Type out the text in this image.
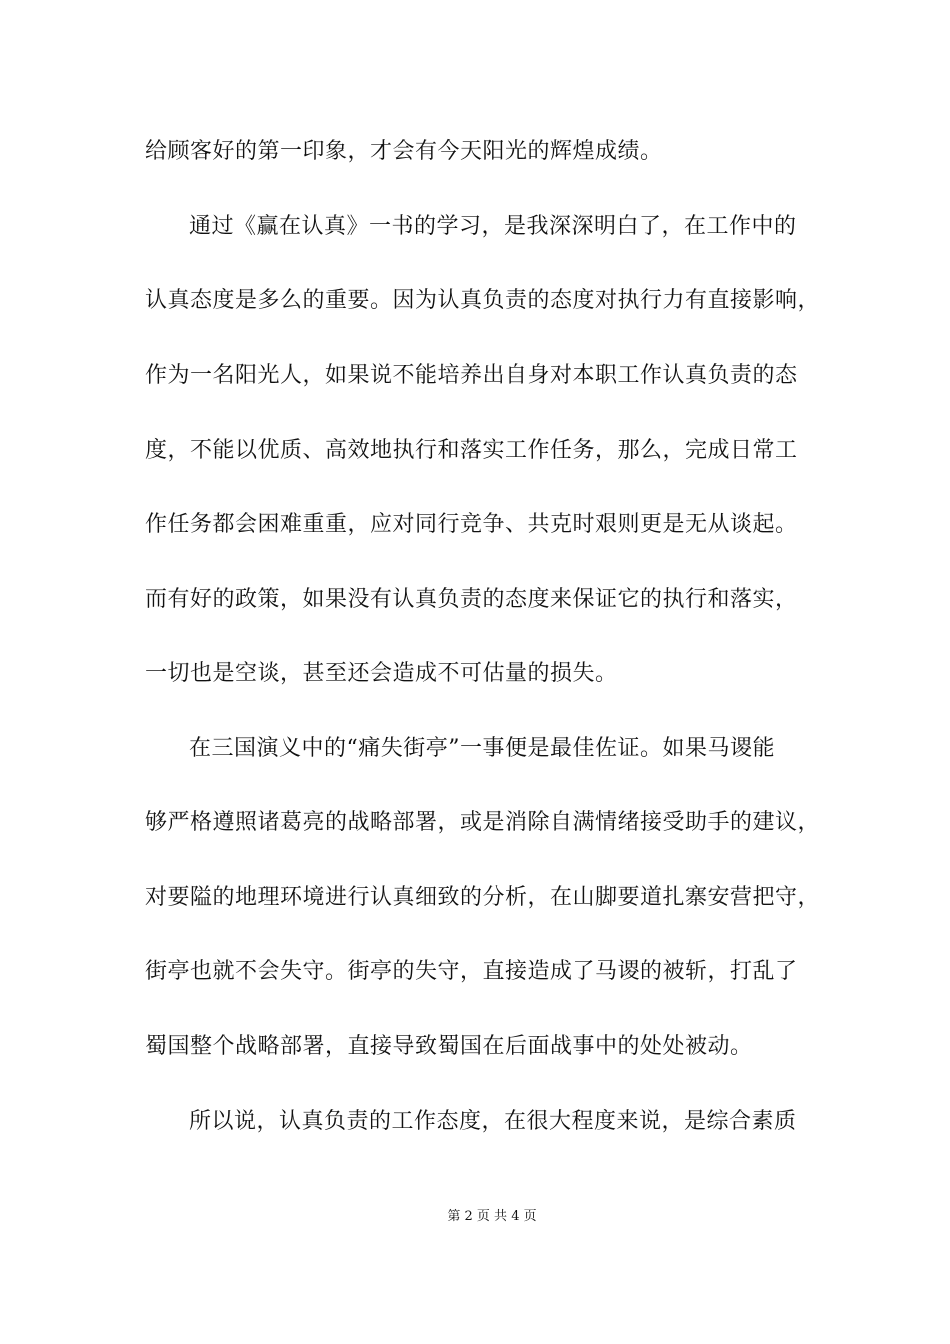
给顾客好的第一印象，才会有今天阳光的辉煌成绩。
通过《赢在认真》一书的学习，是我深深明白了，在工作中的
认真态度是多么的重要。因为认真负责的态度对执行力有直接影响，
作为一名阳光人，如果说不能培养出自身对本职工作认真负责的态
度，不能以优质、高效地执行和落实工作任务，那么，完成日常工
作任务都会困难重重，应对同行竞争、共克时艰则更是无从谈起。
而有好的政策，如果没有认真负责的态度来保证它的执行和落实，
一切也是空谈，甚至还会造成不可估量的损失。
在三国演义中的“痛失街亭”一事便是最佳佐证。如果马谡能
够严格遵照诸葛亮的战略部署，或是消除自满情绪接受助手的建议，
对要隘的地理环境进行认真细致的分析，在山脚要道扎寨安营把守，
街亭也就不会失守。街亭的失守，直接造成了马谡的被斩，打乱了
蜀国整个战略部署，直接导致蜀国在后面战事中的处处被动。
所以说，认真负责的工作态度，在很大程度来说，是综合素质
第 2 页 共 4 页
